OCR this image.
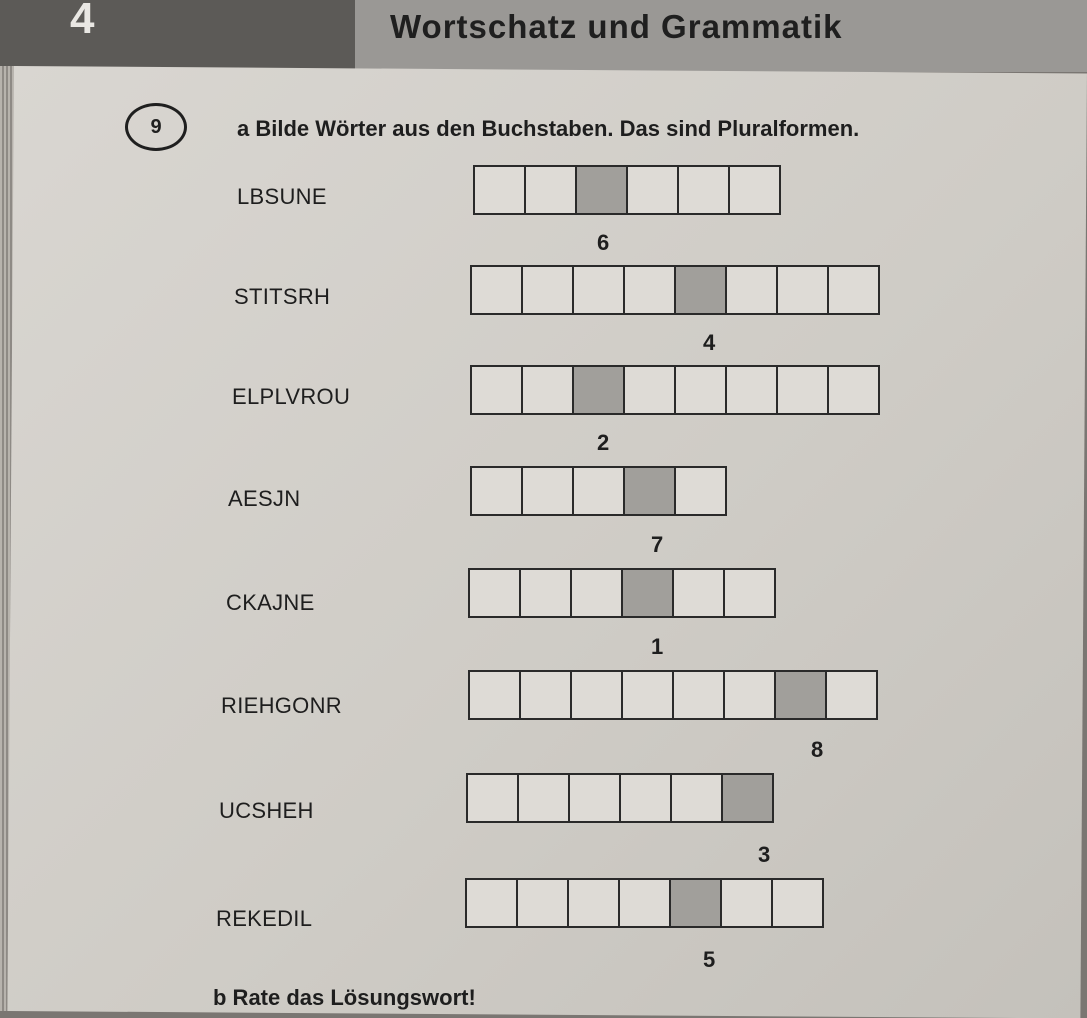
4	Wortschatz und Grammatik
9	a Bilde Wörter aus den Buchstaben. Das sind Pluralformen.
LBSUNE
6
STITSRH
4
ELPLVROU
2
AESJN
7
CKAJNE
1
RIEHGONR
8
UCSHEH
3
REKEDIL
5
b Rate das Lösungswort!
